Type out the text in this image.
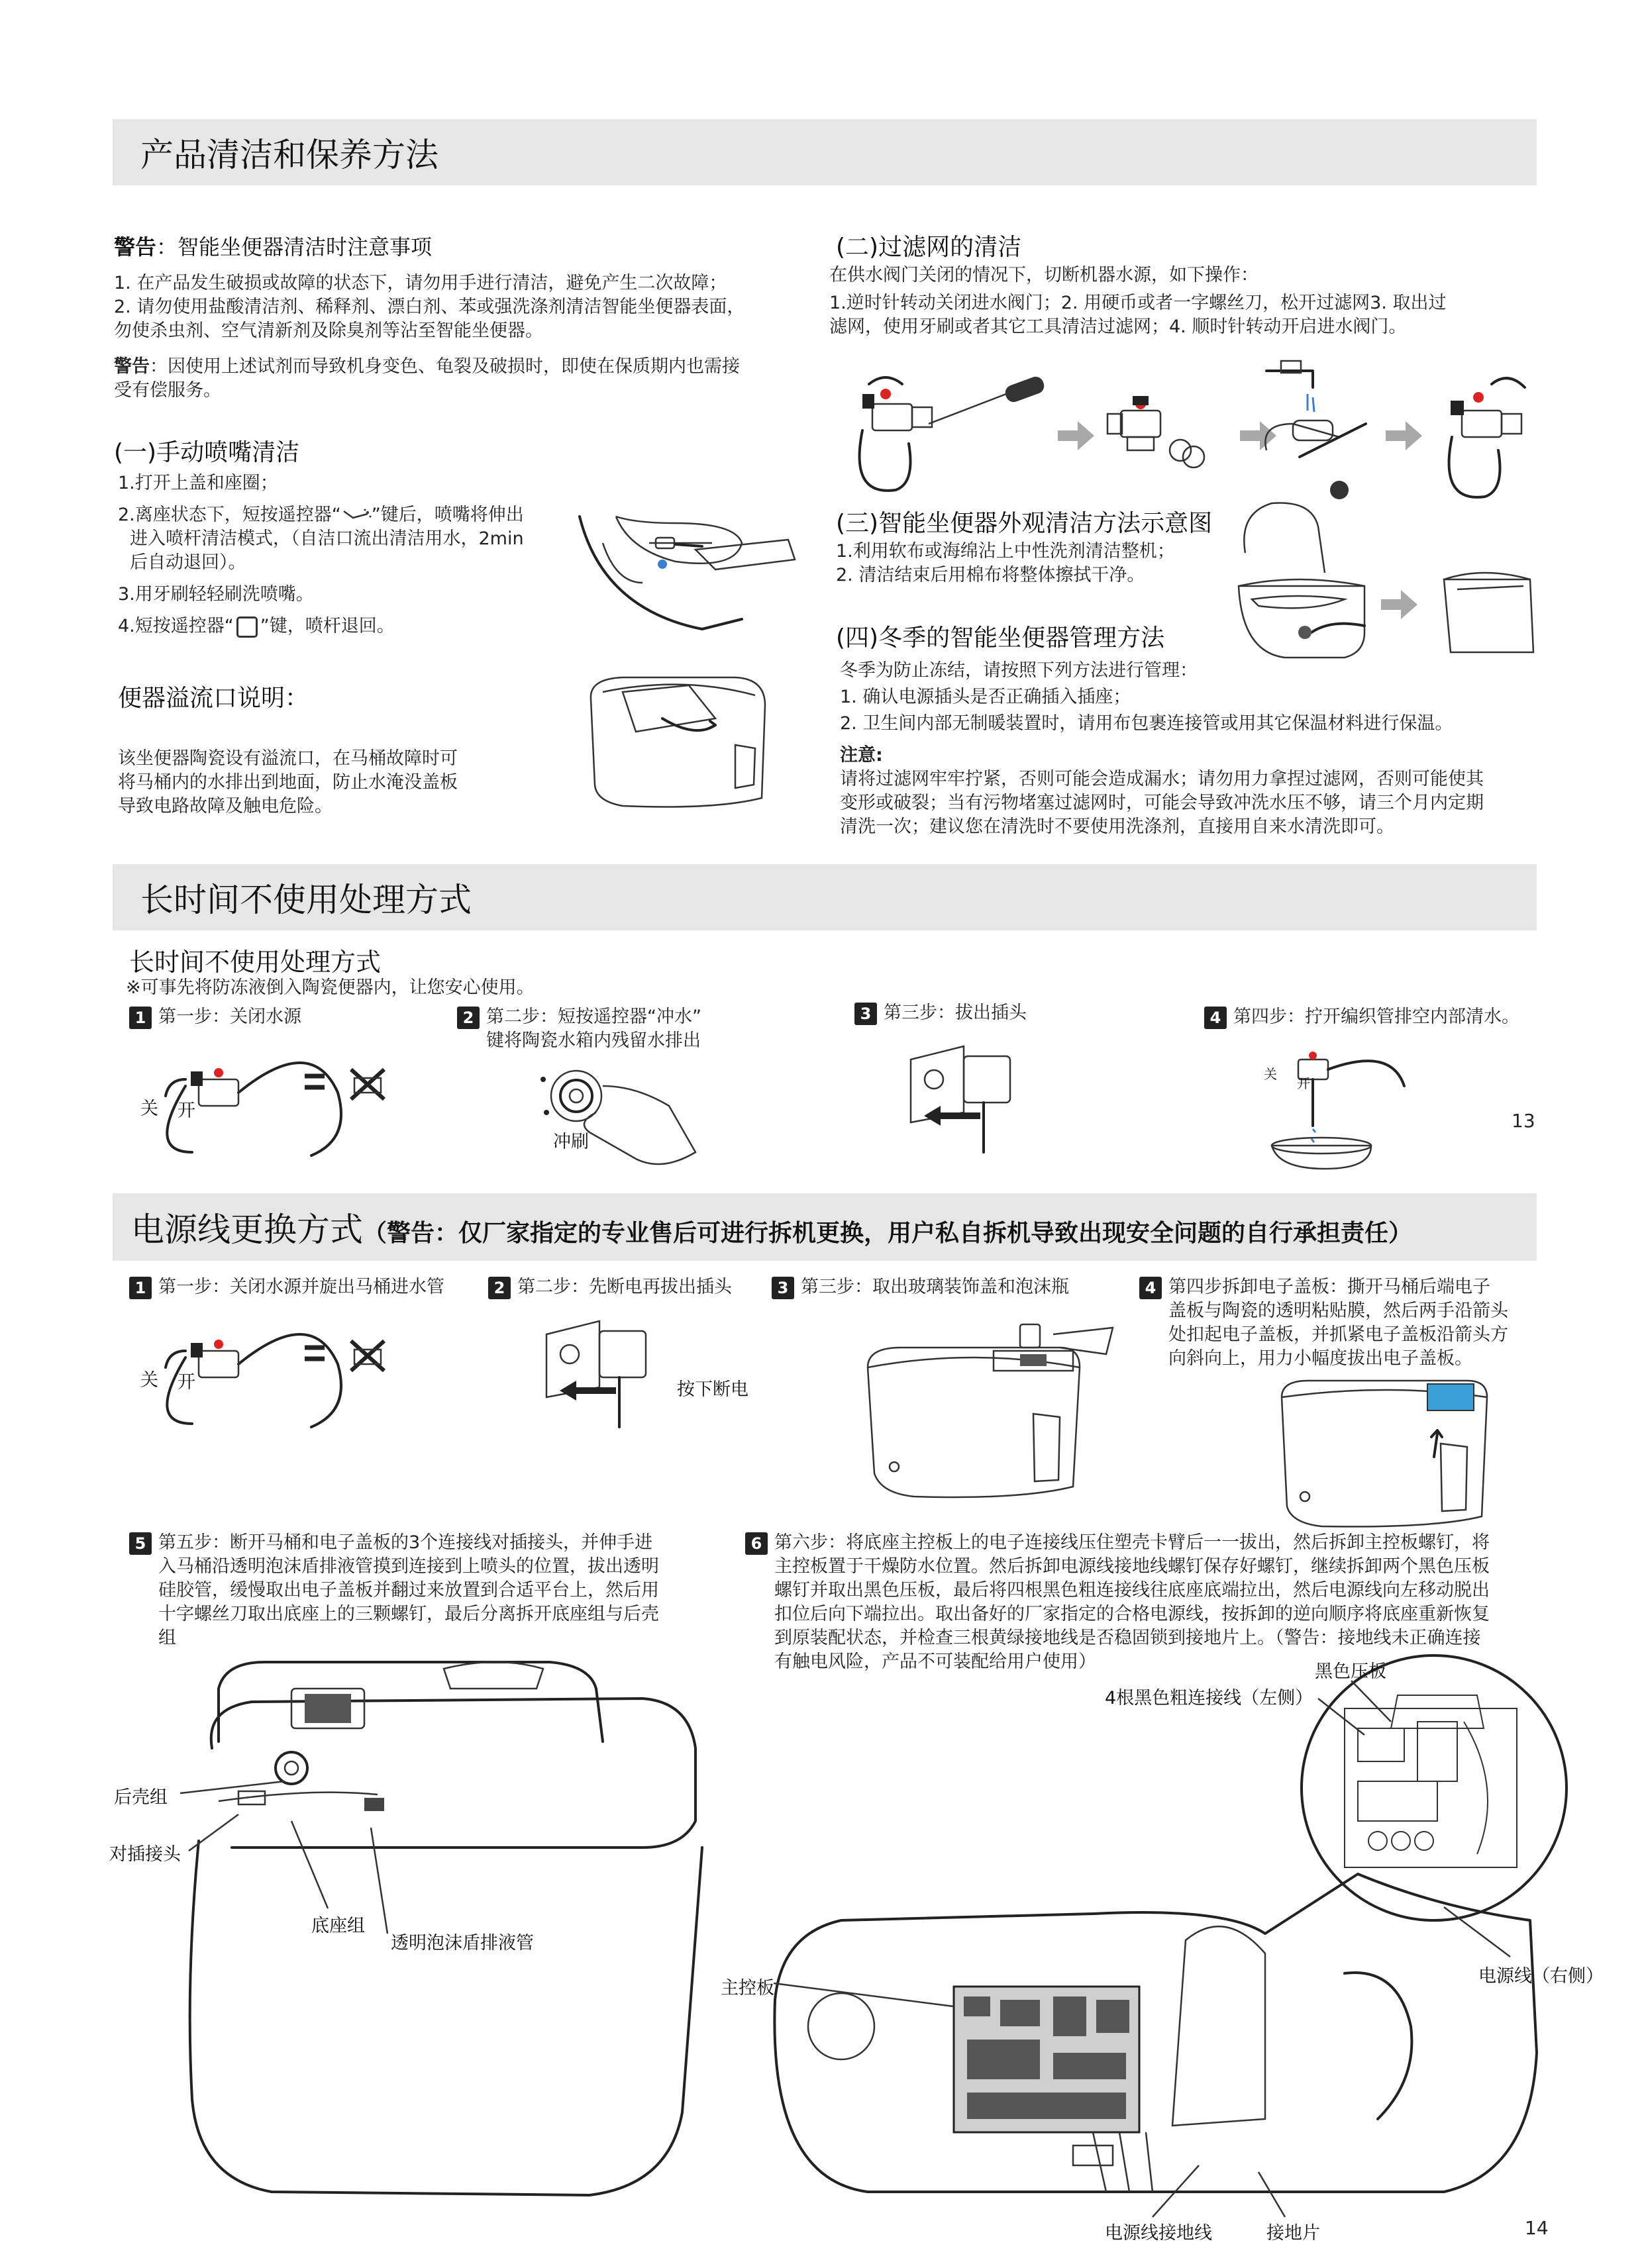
产品清洁和保养方法
警告：智能坐便器清洁时注意事项
1. 在产品发生破损或故障的状态下，请勿用手进行清洁，避免产生二次故障；
2. 请勿使用盐酸清洁剂、稀释剂、漂白剂、苯或强洗涤剂清洁智能坐便器表面，
勿使杀虫剂、空气清新剂及除臭剂等沾至智能坐便器。
警告：因使用上述试剂而导致机身变色、龟裂及破损时，即使在保质期内也需接
受有偿服务。
(一)手动喷嘴清洁
1.打开上盖和座圈；
2.离座状态下，短按遥控器“ ”键后，喷嘴将伸出
进入喷杆清洁模式，（自洁口流出清洁用水，2min
后自动退回）。
3.用牙刷轻轻刷洗喷嘴。
4.短按遥控器“ ”键，喷杆退回。
便器溢流口说明：
该坐便器陶瓷设有溢流口，在马桶故障时可
将马桶内的水排出到地面，防止水淹没盖板
导致电路故障及触电危险。
(二)过滤网的清洁
在供水阀门关闭的情况下，切断机器水源，如下操作：
1.逆时针转动关闭进水阀门；2. 用硬币或者一字螺丝刀，松开过滤网3. 取出过
滤网，使用牙刷或者其它工具清洁过滤网；4. 顺时针转动开启进水阀门。
(三)智能坐便器外观清洁方法示意图
1.利用软布或海绵沾上中性洗剂清洁整机；
2. 清洁结束后用棉布将整体擦拭干净。
(四)冬季的智能坐便器管理方法
冬季为防止冻结，请按照下列方法进行管理：
1. 确认电源插头是否正确插入插座；
2. 卫生间内部无制暖装置时，请用布包裹连接管或用其它保温材料进行保温。
注意:
请将过滤网牢牢拧紧，否则可能会造成漏水；请勿用力拿捏过滤网，否则可能使其
变形或破裂；当有污物堵塞过滤网时，可能会导致冲洗水压不够，请三个月内定期
清洗一次；建议您在清洗时不要使用洗涤剂，直接用自来水清洗即可。
长时间不使用处理方式
长时间不使用处理方式
※可事先将防冻液倒入陶瓷便器内，让您安心使用。
1 第一步：关闭水源	2 第二步：短按遥控器“冲水”
键将陶瓷水箱内残留水排出
3 第三步：拔出插头	4 第四步：拧开编织管排空内部清水。
关 开
冲刷
关
开
13
电源线更换方式（警告：仅厂家指定的专业售后可进行拆机更换，用户私自拆机导致出现安全问题的自行承担责任）
1 第一步：关闭水源并旋出马桶进水管	2 第二步：先断电再拔出插头	3 第三步：取出玻璃装饰盖和泡沫瓶	4 第四步拆卸电子盖板：撕开马桶后端电子
盖板与陶瓷的透明粘贴膜，然后两手沿箭头
处扣起电子盖板，并抓紧电子盖板沿箭头方
向斜向上，用力小幅度拔出电子盖板。
关 开	按下断电
5 第五步：断开马桶和电子盖板的3个连接线对插接头，并伸手进
入马桶沿透明泡沫盾排液管摸到连接到上喷头的位置，拔出透明
硅胶管，缓慢取出电子盖板并翻过来放置到合适平台上，然后用
十字螺丝刀取出底座上的三颗螺钉，最后分离拆开底座组与后壳
组
后壳组
对插接头
底座组
透明泡沫盾排液管
6 第六步：将底座主控板上的电子连接线压住塑壳卡臂后一一拔出，然后拆卸主控板螺钉，将
主控板置于干燥防水位置。然后拆卸电源线接地线螺钉保存好螺钉，继续拆卸两个黑色压板
螺钉并取出黑色压板，最后将四根黑色粗连接线往底座底端拉出，然后电源线向左移动脱出
扣位后向下端拉出。取出备好的厂家指定的合格电源线，按拆卸的逆向顺序将底座重新恢复
到原装配状态，并检查三根黄绿接地线是否稳固锁到接地片上。（警告：接地线未正确连接
有触电风险，产品不可装配给用户使用）	黑色压板
4根黑色粗连接线（左侧）
主控板
电源线（右侧）
电源线接地线	接地片	14
